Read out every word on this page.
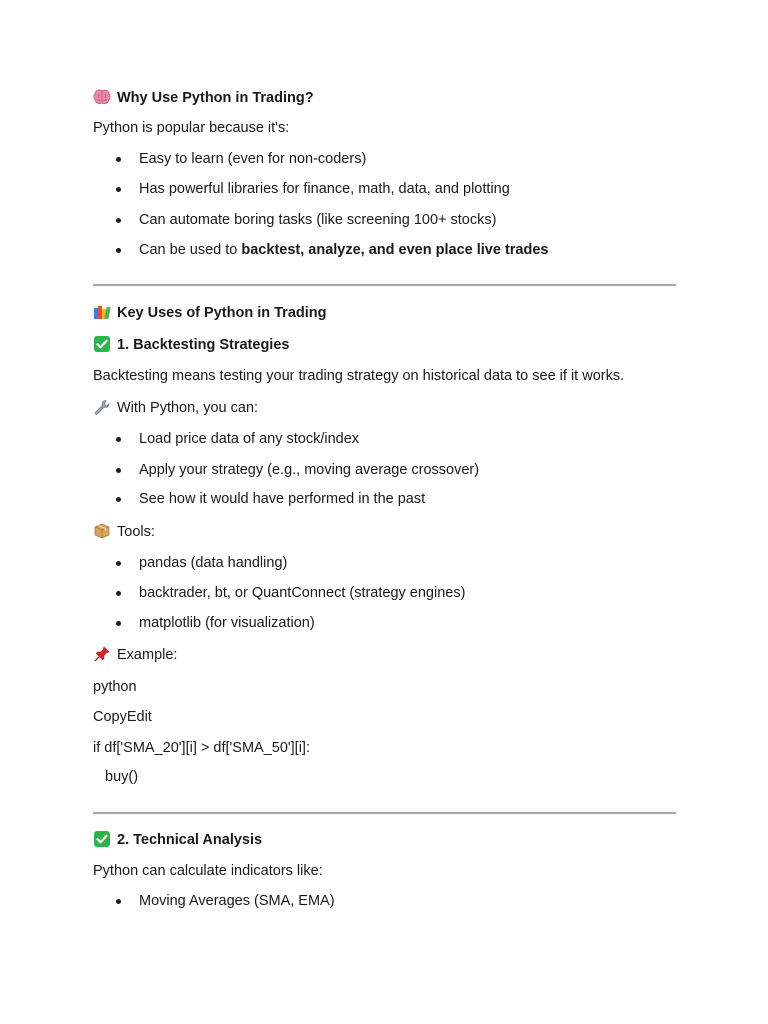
Why Use Python in Trading?
Python is popular because it's:
Easy to learn (even for non-coders)
Has powerful libraries for finance, math, data, and plotting
Can automate boring tasks (like screening 100+ stocks)
Can be used to backtest, analyze, and even place live trades
Key Uses of Python in Trading
1. Backtesting Strategies
Backtesting means testing your trading strategy on historical data to see if it works.
With Python, you can:
Load price data of any stock/index
Apply your strategy (e.g., moving average crossover)
See how it would have performed in the past
Tools:
pandas (data handling)
backtrader, bt, or QuantConnect (strategy engines)
matplotlib (for visualization)
Example:
python
CopyEdit
if df['SMA_20'][i] > df['SMA_50'][i]:
buy()
2. Technical Analysis
Python can calculate indicators like:
Moving Averages (SMA, EMA)
